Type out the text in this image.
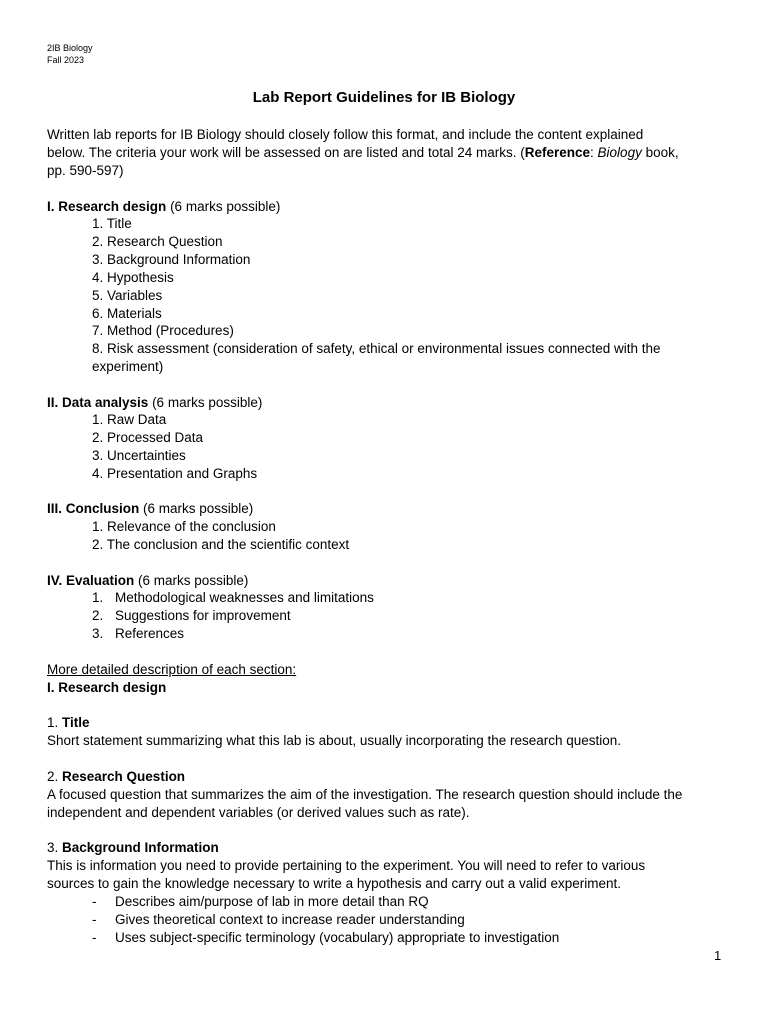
2IB Biology
Fall 2023
Lab Report Guidelines for IB Biology
Written lab reports for IB Biology should closely follow this format, and include the content explained
below. The criteria your work will be assessed on are listed and total 24 marks. (Reference: Biology book,
pp. 590-597)
I. Research design (6 marks possible)
1. Title
2. Research Question
3. Background Information
4. Hypothesis
5. Variables
6. Materials
7. Method (Procedures)
8. Risk assessment (consideration of safety, ethical or environmental issues connected with the
experiment)
II. Data analysis (6 marks possible)
1. Raw Data
2. Processed Data
3. Uncertainties
4. Presentation and Graphs
III. Conclusion (6 marks possible)
1. Relevance of the conclusion
2. The conclusion and the scientific context
IV. Evaluation (6 marks possible)
1. Methodological weaknesses and limitations
2. Suggestions for improvement
3. References
More detailed description of each section:
I. Research design
1. Title
Short statement summarizing what this lab is about, usually incorporating the research question.
2. Research Question
A focused question that summarizes the aim of the investigation. The research question should include the
independent and dependent variables (or derived values such as rate).
3. Background Information
This is information you need to provide pertaining to the experiment. You will need to refer to various
sources to gain the knowledge necessary to write a hypothesis and carry out a valid experiment.
- Describes aim/purpose of lab in more detail than RQ
- Gives theoretical context to increase reader understanding
- Uses subject-specific terminology (vocabulary) appropriate to investigation
1
